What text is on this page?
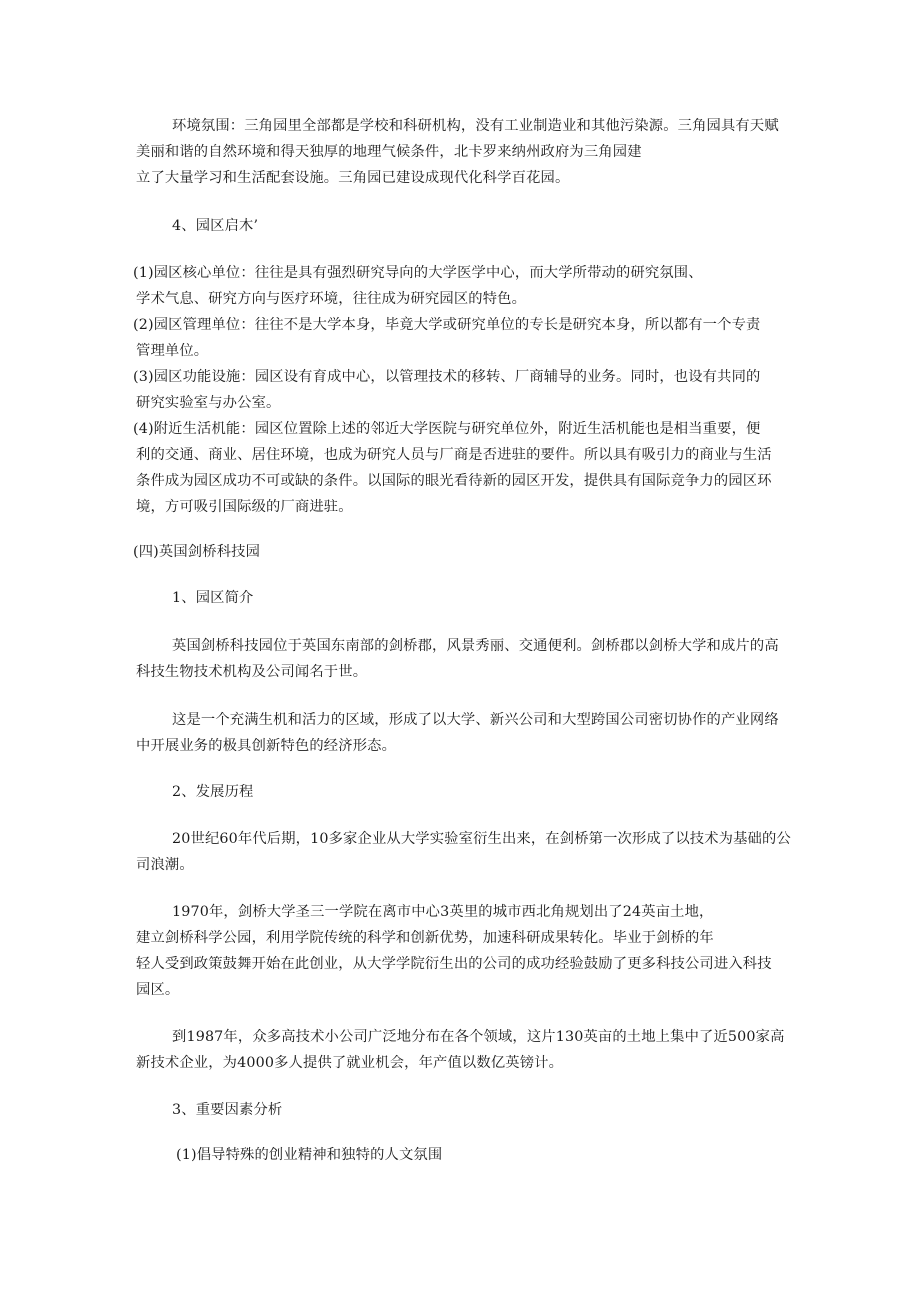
环境氛围：三角园里全部都是学校和科研机构，没有工业制造业和其他污染源。三角园具有天赋

美丽和谐的自然环境和得天独厚的地理气候条件，北卡罗来纳州政府为三角园建

立了大量学习和生活配套设施。三角园已建设成现代化科学百花园。

4、园区启木’

(1)园区核心单位：往往是具有强烈研究导向的大学医学中心，而大学所带动的研究氛围、

学术气息、研究方向与医疗环境，往往成为研究园区的特色。

(2)园区管理单位：往往不是大学本身，毕竟大学或研究单位的专长是研究本身，所以都有一个专责

管理单位。

(3)园区功能设施：园区设有育成中心，以管理技术的移转、厂商辅导的业务。同时，也设有共同的

研究实验室与办公室。

(4)附近生活机能：园区位置除上述的邻近大学医院与研究单位外，附近生活机能也是相当重要，便

利的交通、商业、居住环境，也成为研究人员与厂商是否进驻的要件。所以具有吸引力的商业与生活

条件成为园区成功不可或缺的条件。以国际的眼光看待新的园区开发，提供具有国际竞争力的园区环

境，方可吸引国际级的厂商进驻。

(四)英国剑桥科技园

1、园区简介

英国剑桥科技园位于英国东南部的剑桥郡，风景秀丽、交通便利。剑桥郡以剑桥大学和成片的高

科技生物技术机构及公司闻名于世。

这是一个充满生机和活力的区域，形成了以大学、新兴公司和大型跨国公司密切协作的产业网络

中开展业务的极具创新特色的经济形态。

2、发展历程

20世纪60年代后期，10多家企业从大学实验室衍生出来，在剑桥第一次形成了以技术为基础的公

司浪潮。

1970年，剑桥大学圣三一学院在离市中心3英里的城市西北角规划出了24英亩土地，

建立剑桥科学公园，利用学院传统的科学和创新优势，加速科研成果转化。毕业于剑桥的年

轻人受到政策鼓舞开始在此创业，从大学学院衍生出的公司的成功经验鼓励了更多科技公司进入科技

园区。

到1987年，众多高技术小公司广泛地分布在各个领域，这片130英亩的土地上集中了近500家高

新技术企业，为4000多人提供了就业机会，年产值以数亿英镑计。

3、重要因素分析

(1)倡导特殊的创业精神和独特的人文氛围
